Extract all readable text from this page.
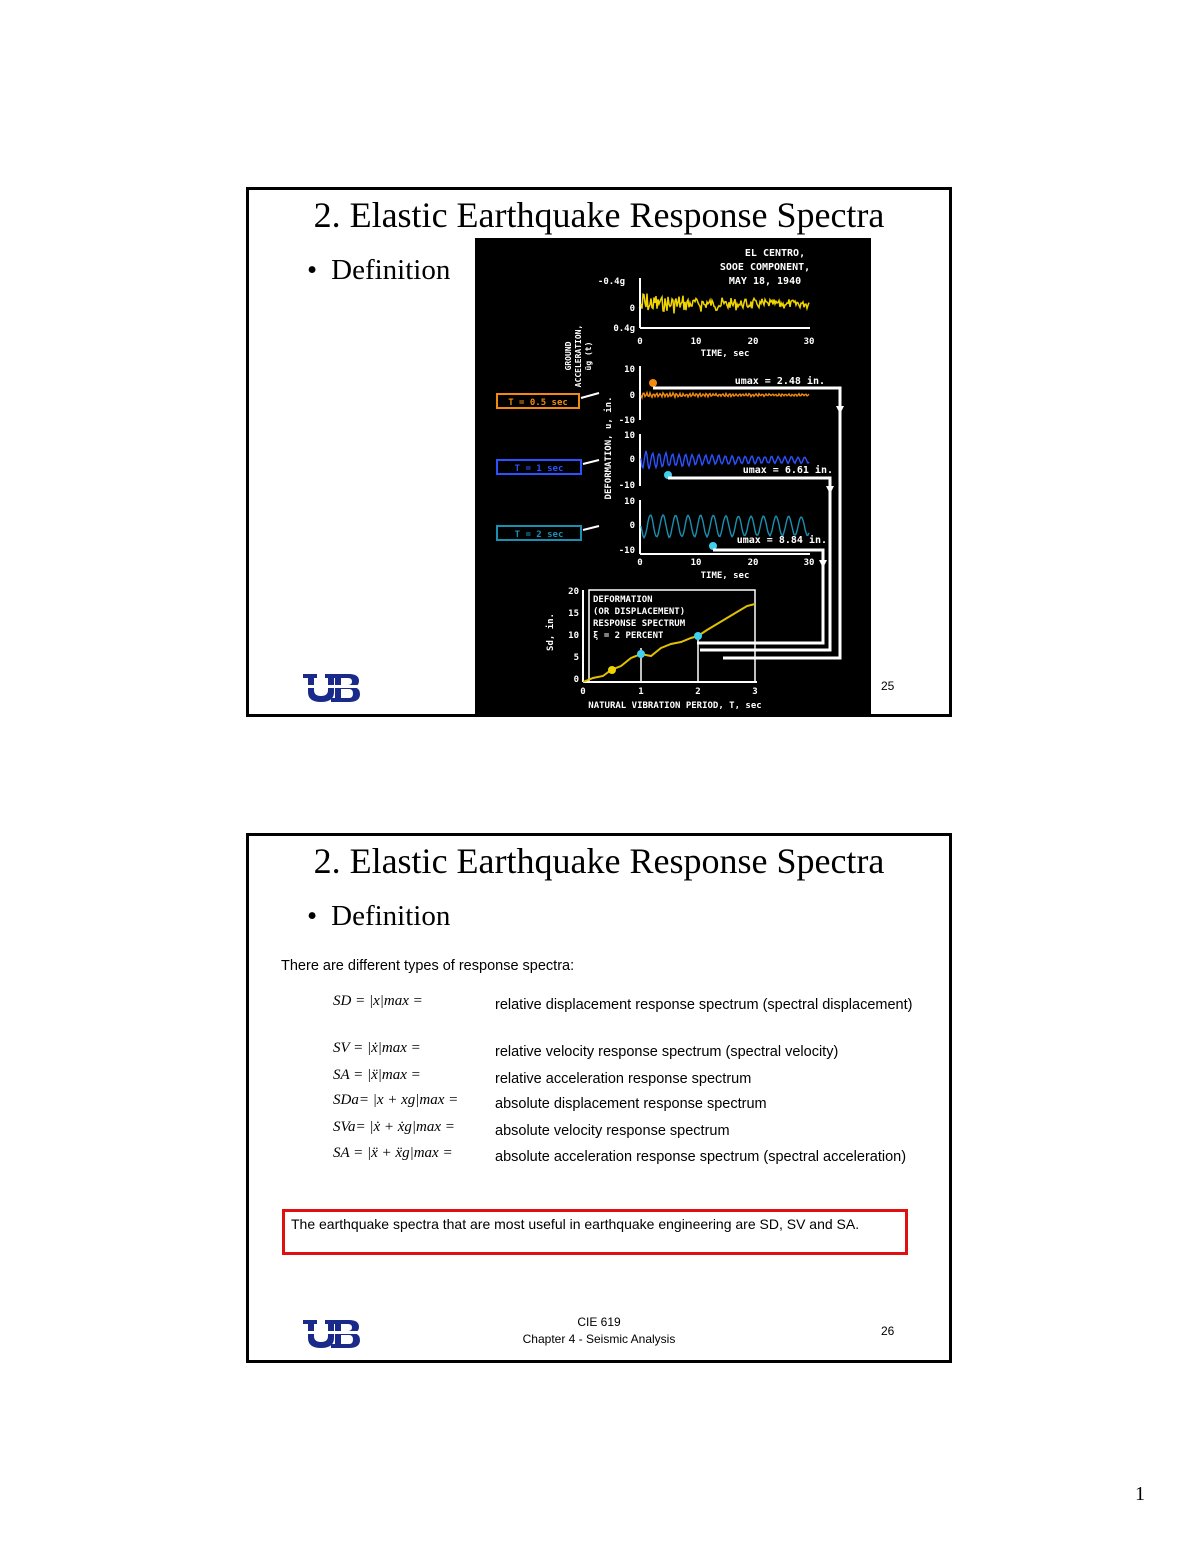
2. Elastic Earthquake Response Spectra
• Definition
EL CENTRO,
SOOE COMPONENT,
MAY 18, 1940
GROUND ACCELERATION, üg (t)
-0.4g
0
0.4g
0	10	20	30
TIME, sec
T = 0.5 sec
T = 1 sec
T = 2 sec
DEFORMATION, u, in.
10
0
-10
umax = 2.48 in.
10
0
-10
umax = 6.61 in.
10
0
-10
umax = 8.84 in.
0	10	20	30
TIME, sec
Sd, in.
20
15
10
5
0
DEFORMATION
(OR DISPLACEMENT)
RESPONSE SPECTRUM
ξ = 2 PERCENT
0	1	2	3
NATURAL VIBRATION PERIOD, T, sec
25
2. Elastic Earthquake Response Spectra
• Definition
There are different types of response spectra:
SD = |x|max =	relative displacement response spectrum (spectral displacement)
SV = |ẋ|max =	relative velocity response spectrum (spectral velocity)
SA = |ẍ|max =	relative acceleration response spectrum
SDa= |x + xg|max =	absolute displacement response spectrum
SVa= |ẋ + ẋg|max =	absolute velocity response spectrum
SA = |ẍ + ẍg|max =	absolute acceleration response spectrum (spectral acceleration)
The earthquake spectra that are most useful in earthquake engineering are SD, SV and SA.
CIE 619
Chapter 4 - Seismic Analysis
26
1
